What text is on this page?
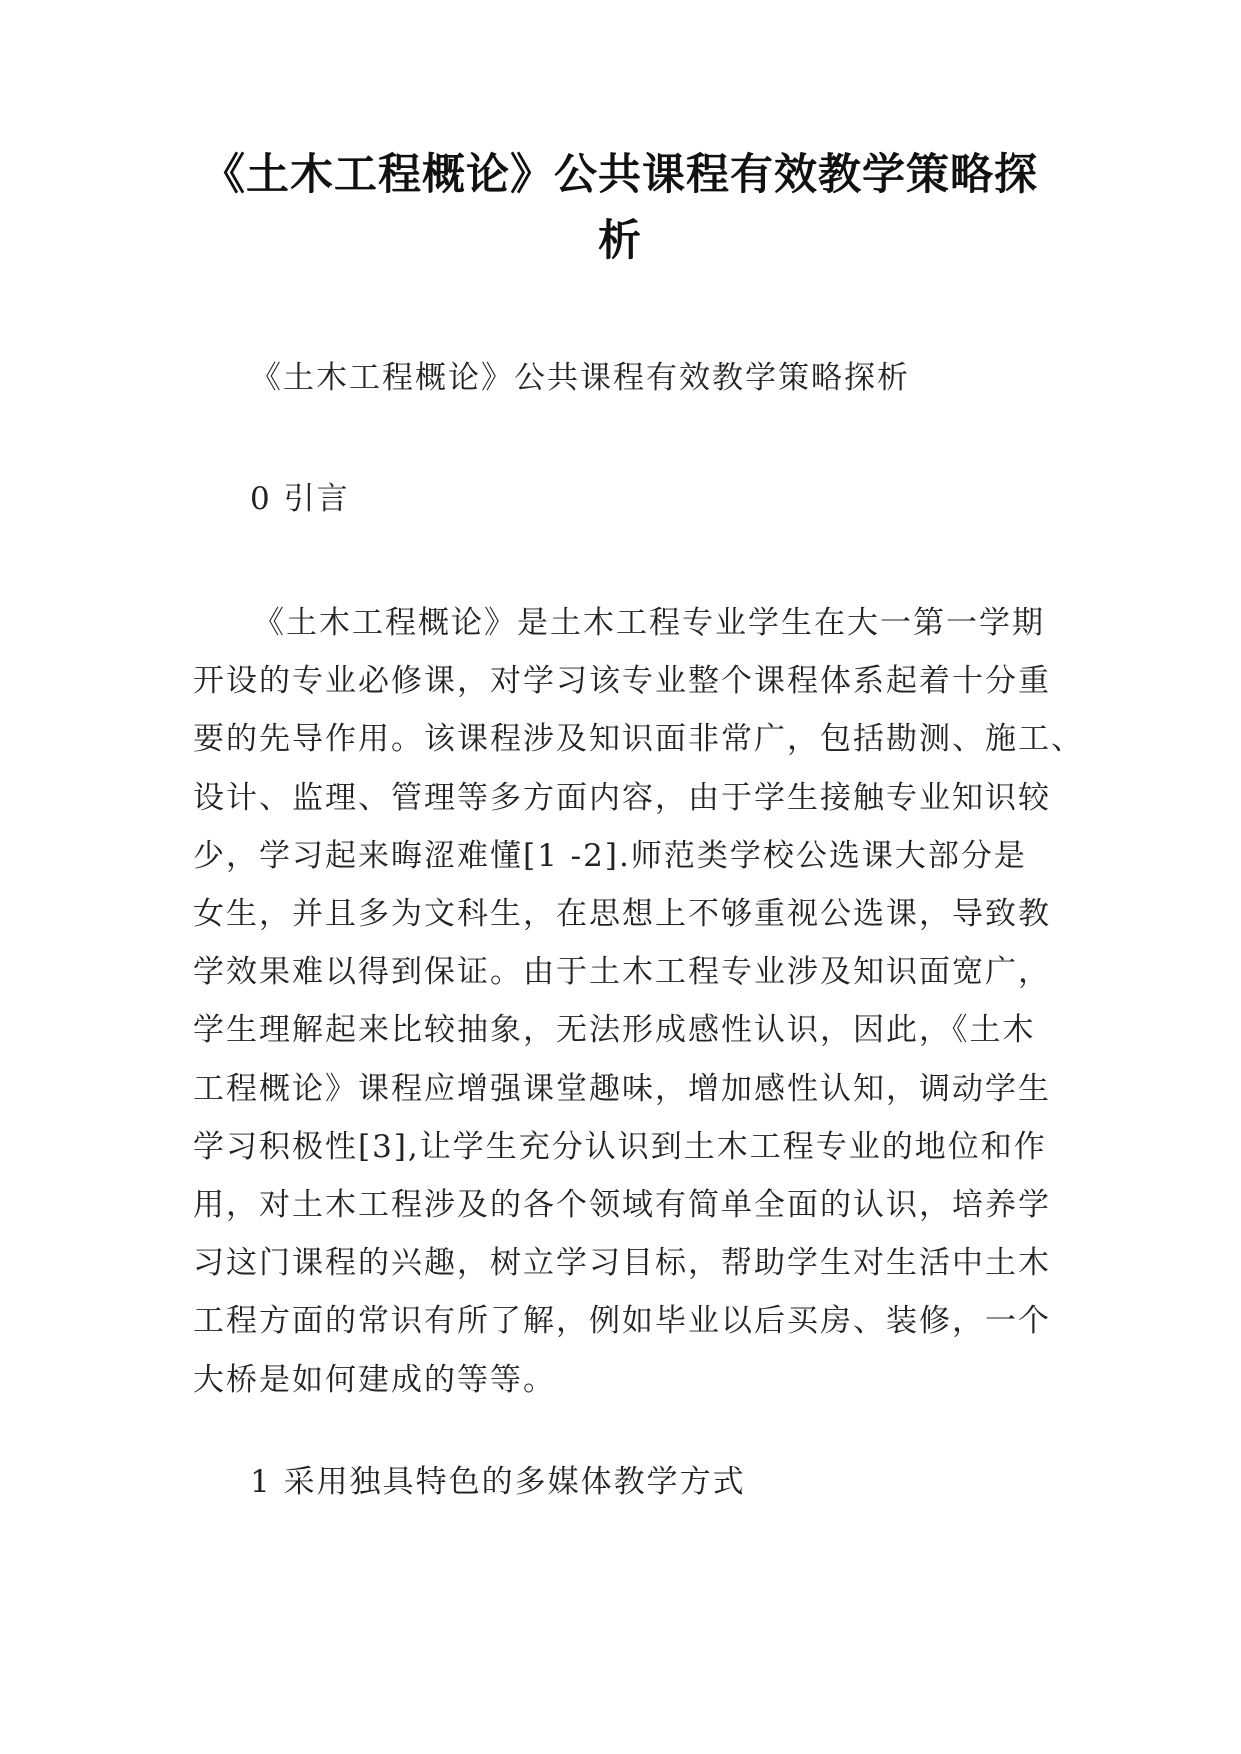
《土木工程概论》公共课程有效教学策略探
析

《土木工程概论》公共课程有效教学策略探析

0 引言

《土木工程概论》是土木工程专业学生在大一第一学期
开设的专业必修课，对学习该专业整个课程体系起着十分重
要的先导作用。该课程涉及知识面非常广，包括勘测、施工、
设计、监理、管理等多方面内容，由于学生接触专业知识较
少，学习起来晦涩难懂[1 -2].师范类学校公选课大部分是
女生，并且多为文科生，在思想上不够重视公选课，导致教
学效果难以得到保证。由于土木工程专业涉及知识面宽广，
学生理解起来比较抽象，无法形成感性认识，因此，《土木
工程概论》课程应增强课堂趣味，增加感性认知，调动学生
学习积极性[3],让学生充分认识到土木工程专业的地位和作
用，对土木工程涉及的各个领域有简单全面的认识，培养学
习这门课程的兴趣，树立学习目标，帮助学生对生活中土木
工程方面的常识有所了解，例如毕业以后买房、装修，一个
大桥是如何建成的等等。

1 采用独具特色的多媒体教学方式
